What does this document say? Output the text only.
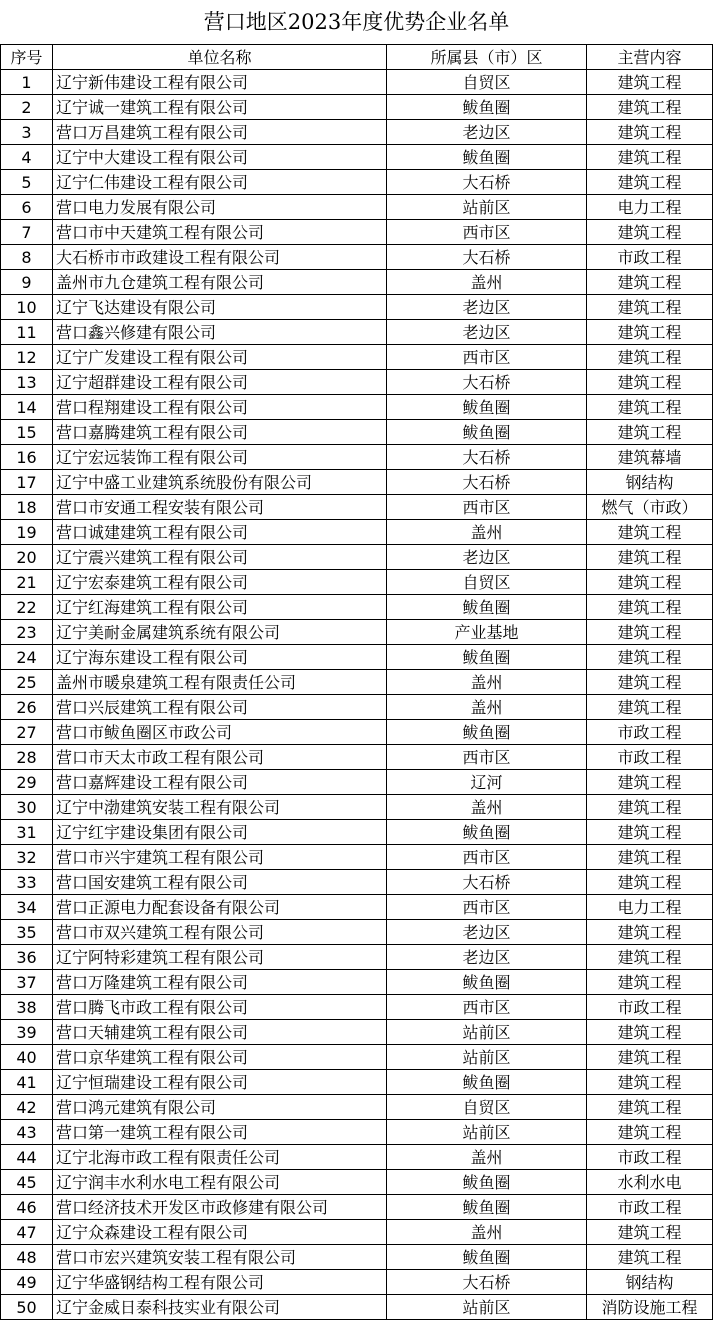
营口地区2023年度优势企业名单
序号	单位名称	所属县（市）区	主营内容
1	辽宁新伟建设工程有限公司	自贸区	建筑工程
2	辽宁诚一建筑工程有限公司	鲅鱼圈	建筑工程
3	营口万昌建筑工程有限公司	老边区	建筑工程
4	辽宁中大建设工程有限公司	鲅鱼圈	建筑工程
5	辽宁仁伟建设工程有限公司	大石桥	建筑工程
6	营口电力发展有限公司	站前区	电力工程
7	营口市中天建筑工程有限公司	西市区	建筑工程
8	大石桥市市政建设工程有限公司	大石桥	市政工程
9	盖州市九仓建筑工程有限公司	盖州	建筑工程
10	辽宁飞达建设有限公司	老边区	建筑工程
11	营口鑫兴修建有限公司	老边区	建筑工程
12	辽宁广发建设工程有限公司	西市区	建筑工程
13	辽宁超群建设工程有限公司	大石桥	建筑工程
14	营口程翔建设工程有限公司	鲅鱼圈	建筑工程
15	营口嘉腾建筑工程有限公司	鲅鱼圈	建筑工程
16	辽宁宏远装饰工程有限公司	大石桥	建筑幕墙
17	辽宁中盛工业建筑系统股份有限公司	大石桥	钢结构
18	营口市安通工程安装有限公司	西市区	燃气（市政）
19	营口诚建建筑工程有限公司	盖州	建筑工程
20	辽宁震兴建筑工程有限公司	老边区	建筑工程
21	辽宁宏泰建筑工程有限公司	自贸区	建筑工程
22	辽宁红海建筑工程有限公司	鲅鱼圈	建筑工程
23	辽宁美耐金属建筑系统有限公司	产业基地	建筑工程
24	辽宁海东建设工程有限公司	鲅鱼圈	建筑工程
25	盖州市暖泉建筑工程有限责任公司	盖州	建筑工程
26	营口兴辰建筑工程有限公司	盖州	建筑工程
27	营口市鲅鱼圈区市政公司	鲅鱼圈	市政工程
28	营口市天太市政工程有限公司	西市区	市政工程
29	营口嘉辉建设工程有限公司	辽河	建筑工程
30	辽宁中渤建筑安装工程有限公司	盖州	建筑工程
31	辽宁红宇建设集团有限公司	鲅鱼圈	建筑工程
32	营口市兴宇建筑工程有限公司	西市区	建筑工程
33	营口国安建筑工程有限公司	大石桥	建筑工程
34	营口正源电力配套设备有限公司	西市区	电力工程
35	营口市双兴建筑工程有限公司	老边区	建筑工程
36	辽宁阿特彩建筑工程有限公司	老边区	建筑工程
37	营口万隆建筑工程有限公司	鲅鱼圈	建筑工程
38	营口腾飞市政工程有限公司	西市区	市政工程
39	营口天辅建筑工程有限公司	站前区	建筑工程
40	营口京华建筑工程有限公司	站前区	建筑工程
41	辽宁恒瑞建设工程有限公司	鲅鱼圈	建筑工程
42	营口鸿元建筑有限公司	自贸区	建筑工程
43	营口第一建筑工程有限公司	站前区	建筑工程
44	辽宁北海市政工程有限责任公司	盖州	市政工程
45	辽宁润丰水利水电工程有限公司	鲅鱼圈	水利水电
46	营口经济技术开发区市政修建有限公司	鲅鱼圈	市政工程
47	辽宁众森建设工程有限公司	盖州	建筑工程
48	营口市宏兴建筑安装工程有限公司	鲅鱼圈	建筑工程
49	辽宁华盛钢结构工程有限公司	大石桥	钢结构
50	辽宁金威日泰科技实业有限公司	站前区	消防设施工程
